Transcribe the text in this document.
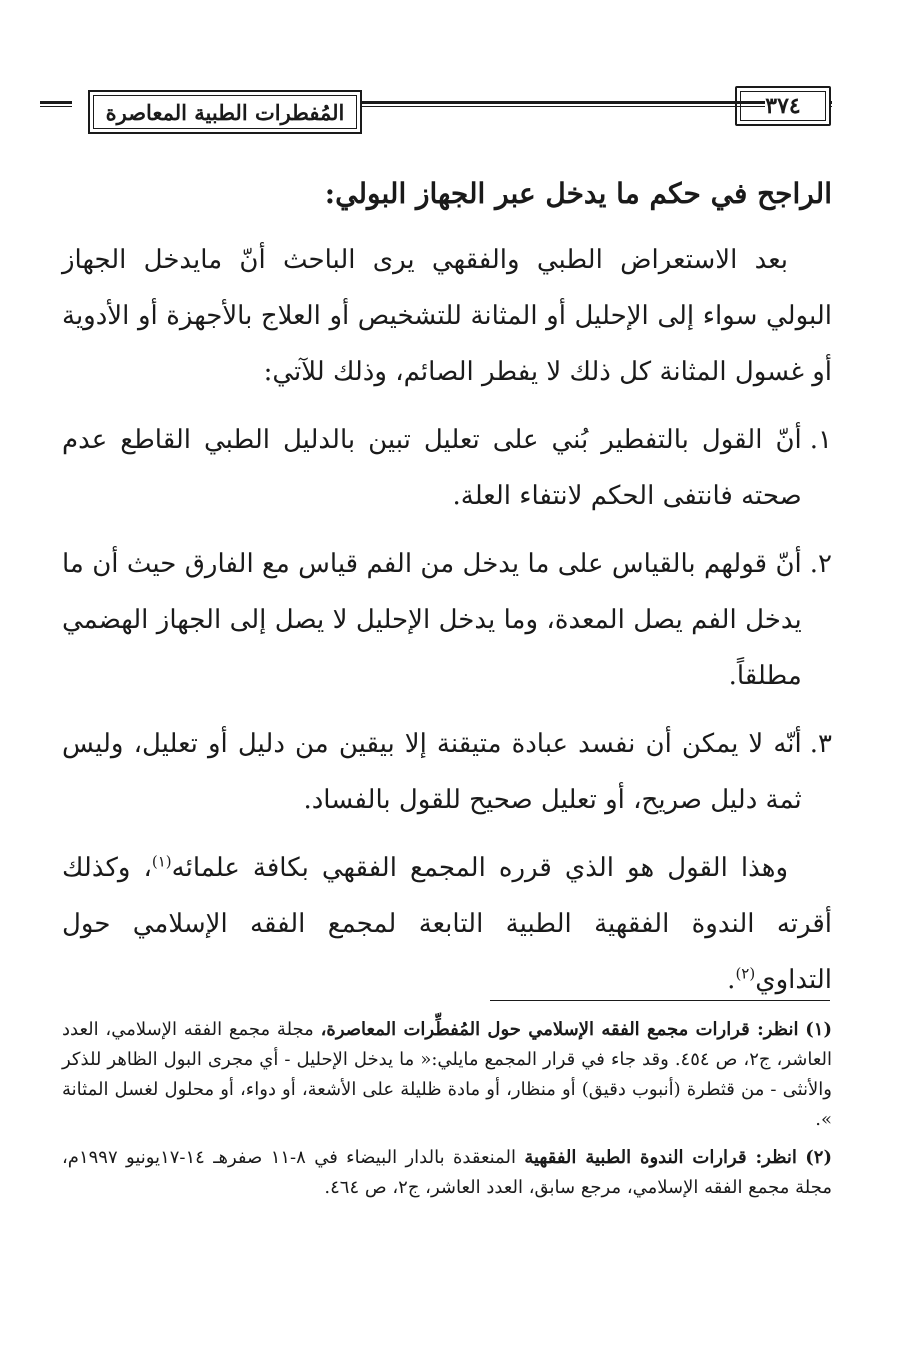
٣٧٤
المُفطرات الطبية المعاصرة
الراجح في حكم ما يدخل عبر الجهاز البولي:

بعد الاستعراض الطبي والفقهي يرى الباحث أنّ مايدخل الجهاز البولي سواء إلى الإحليل أو المثانة للتشخيص أو العلاج بالأجهزة أو الأدوية أو غسول المثانة كل ذلك لا يفطر الصائم، وذلك للآتي:

١.
أنّ القول بالتفطير بُني على تعليل تبين بالدليل الطبي القاطع عدم صحته فانتفى الحكم لانتفاء العلة.
٢.
أنّ قولهم بالقياس على ما يدخل من الفم قياس مع الفارق حيث أن ما يدخل الفم يصل المعدة، وما يدخل الإحليل لا يصل إلى الجهاز الهضمي مطلقاً.
٣.
أنّه لا يمكن أن نفسد عبادة متيقنة إلا بيقين من دليل أو تعليل، وليس ثمة دليل صريح، أو تعليل صحيح للقول بالفساد.

وهذا القول هو الذي قرره المجمع الفقهي بكافة علمائه$^{(١)}$، وكذلك أقرته الندوة الفقهية الطبية التابعة لمجمع الفقه الإسلامي حول التداوي$^{(٢)}$.

(١) انظر: قرارات مجمع الفقه الإسلامي حول المُفطِّرات المعاصرة، مجلة مجمع الفقه الإسلامي، العدد العاشر، ج٢، ص ٤٥٤. وقد جاء في قرار المجمع مايلي:« ما يدخل الإحليل - أي مجرى البول الظاهر للذكر والأنثى - من قثطرة (أنبوب دقيق) أو منظار، أو مادة ظليلة على الأشعة، أو دواء، أو محلول لغسل المثانة ».

(٢) انظر: قرارات الندوة الطبية الفقهية المنعقدة بالدار البيضاء في ٨-١١ صفرهـ ١٤-١٧يونيو ١٩٩٧م، مجلة مجمع الفقه الإسلامي، مرجع سابق، العدد العاشر، ج٢، ص ٤٦٤.
